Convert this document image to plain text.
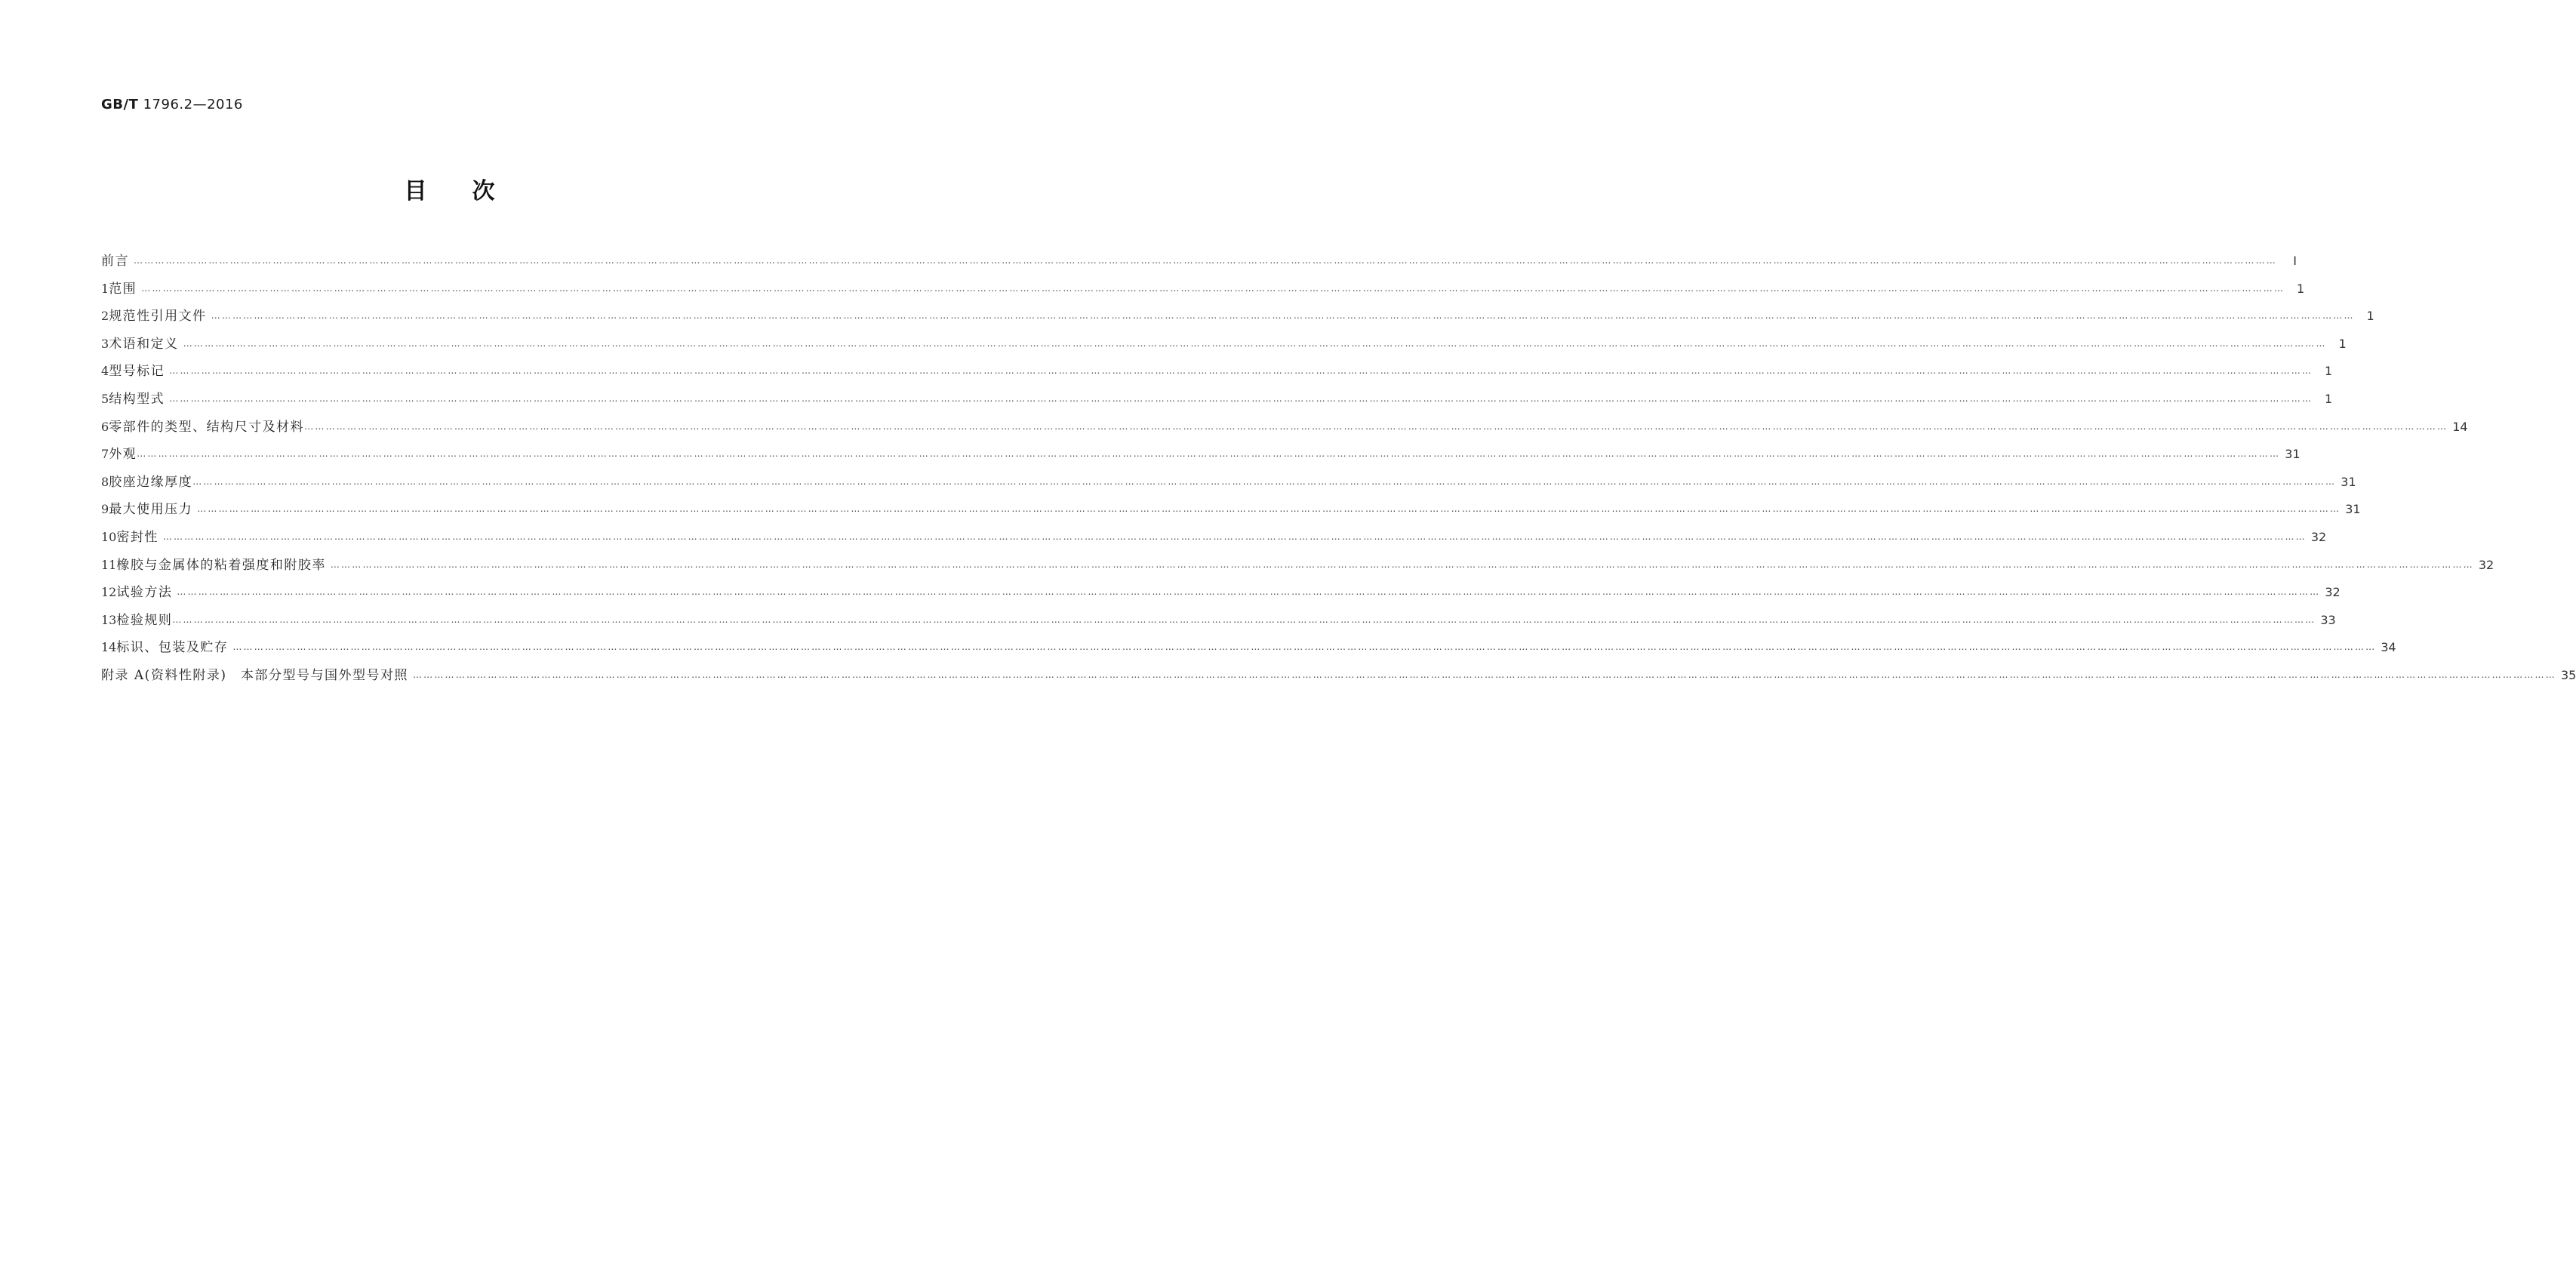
GB/T 1796.2—2016
目次
前言 ……………………………………………………………………………………………………………………………………………………………………………………………………………………………………………………………………………………………………………………………………………………………………………………………………………………………………………………………………………………………………………………………………………………	Ⅰ
1 范围 …………………………………………………………………………………………………………………………………………………………………………………………………………………………………………………………………………………………………………………………………………………………………………………………………………………………………………………………………………………………………………………………………………………… 1
2 规范性引用文件 …………………………………………………………………………………………………………………………………………………………………………………………………………………………………………………………………………………………………………………………………………………………………………………………………………………………………………………………………………………………………………………………………………………… 1
3 术语和定义 …………………………………………………………………………………………………………………………………………………………………………………………………………………………………………………………………………………………………………………………………………………………………………………………………………………………………………………………………………………………………………………………………………………… 1
4 型号标记 …………………………………………………………………………………………………………………………………………………………………………………………………………………………………………………………………………………………………………………………………………………………………………………………………………………………………………………………………………………………………………………………………………………… 1
5 结构型式 …………………………………………………………………………………………………………………………………………………………………………………………………………………………………………………………………………………………………………………………………………………………………………………………………………………………………………………………………………………………………………………………………………………… 1
6 零部件的类型、结构尺寸及材料 …………………………………………………………………………………………………………………………………………………………………………………………………………………………………………………………………………………………………………………………………………………………………………………………………………………………………………………………………………………………………………………………………………………… 14
7 外观 …………………………………………………………………………………………………………………………………………………………………………………………………………………………………………………………………………………………………………………………………………………………………………………………………………………………………………………………………………………………………………………………………………………… 31
8 胶座边缘厚度 …………………………………………………………………………………………………………………………………………………………………………………………………………………………………………………………………………………………………………………………………………………………………………………………………………………………………………………………………………………………………………………………………………………… 31
9 最大使用压力 …………………………………………………………………………………………………………………………………………………………………………………………………………………………………………………………………………………………………………………………………………………………………………………………………………………………………………………………………………………………………………………………………………………… 31
10 密封性 …………………………………………………………………………………………………………………………………………………………………………………………………………………………………………………………………………………………………………………………………………………………………………………………………………………………………………………………………………………………………………………………………………………… 32
11 橡胶与金属体的粘着强度和附胶率 …………………………………………………………………………………………………………………………………………………………………………………………………………………………………………………………………………………………………………………………………………………………………………………………………………………………………………………………………………………………………………………………………………………… 32
12 试验方法 …………………………………………………………………………………………………………………………………………………………………………………………………………………………………………………………………………………………………………………………………………………………………………………………………………………………………………………………………………………………………………………………………………………… 32
13 检验规则 …………………………………………………………………………………………………………………………………………………………………………………………………………………………………………………………………………………………………………………………………………………………………………………………………………………………………………………………………………………………………………………………………………………… 33
14 标识、包装及贮存 …………………………………………………………………………………………………………………………………………………………………………………………………………………………………………………………………………………………………………………………………………………………………………………………………………………………………………………………………………………………………………………………………………………… 34
附录 A(资料性附录)　本部分型号与国外型号对照 …………………………………………………………………………………………………………………………………………………………………………………………………………………………………………………………………………………………………………………………………………………………………………………………………………………………………………………………………………………………………………………………………………………… 35
